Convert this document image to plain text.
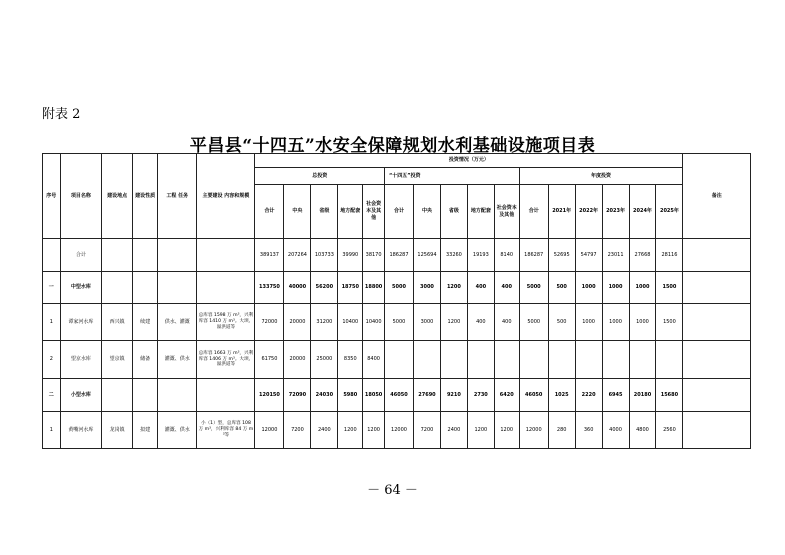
附表 2
平昌县“十四五”水安全保障规划水利基础设施项目表
序号	项目名称	建设地点	建设性质	工程 任务	主要建设 内容和规模	投资情况（万元）																备注
						总投资					“十四五”投资					年度投资						
						合计	中央	省级	地方配套	社会资本及其他	合计	中央	省级	地方配套	社会资本及其他	合计	2021年	2022年	2023年	2024年	2025年	
	合计					389137	207264	103733	39990	38170	186287	125694	33260	19193	8140	186287	52695	54797	23011	27668	28116	
一	中型水库					133750	40000	56200	18750	18800	5000	3000	1200	400	400	5000	500	1000	1000	1000	1500	
1	谭家河水库	西兴镇	续建	供水、灌溉	总库容 1598 万 m³，兴利库容 1410 万 m³。大坝、溢洪道等	72000	20000	31200	10400	10400	5000	3000	1200	400	400	5000	500	1000	1000	1000	1500	
2	望京水库	望京镇	储备	灌溉、供水	总库容 1663 万 m³，兴利库容 1406 万 m³。大坝、溢洪道等	61750	20000	25000	8350	8400												
二	小型水库					120150	72090	24030	5980	18050	46050	27690	9210	2730	6420	46050	1025	2220	6945	20180	15680	
1	黄嘴河水库	龙岗镇	拟建	灌溉、供水	小（1）型，总库容 108 万 m³，兴利库容 84 万 m³等	12000	7200	2400	1200	1200	12000	7200	2400	1200	1200	12000	280	360	4000	4800	2560	
－ 64 －
